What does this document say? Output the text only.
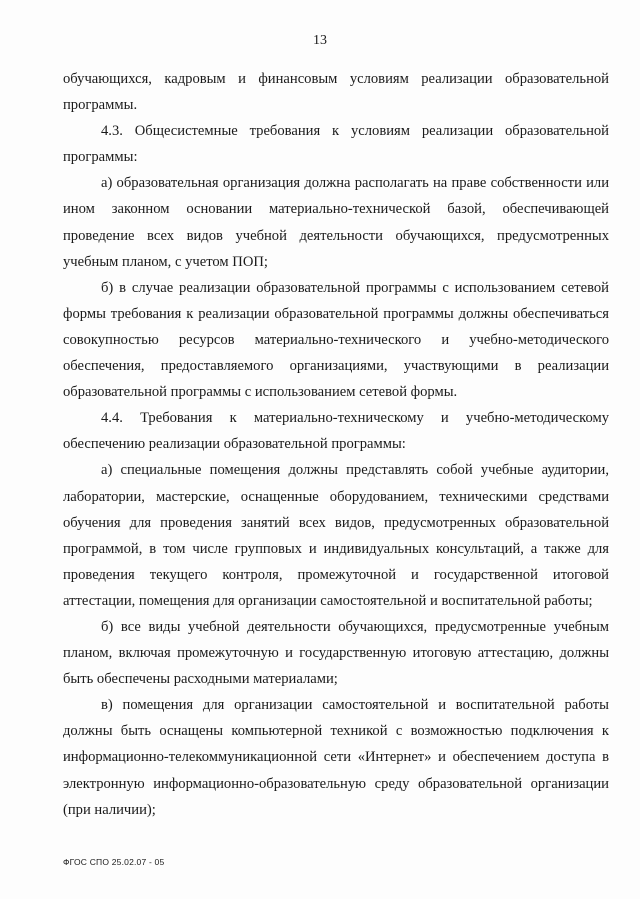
13

обучающихся, кадровым и финансовым условиям реализации образовательной программы.

4.3. Общесистемные требования к условиям реализации образовательной программы:

а) образовательная организация должна располагать на праве собственности или ином законном основании материально-технической базой, обеспечивающей проведение всех видов учебной деятельности обучающихся, предусмотренных учебным планом, с учетом ПОП;

б) в случае реализации образовательной программы с использованием сетевой формы требования к реализации образовательной программы должны обеспечиваться совокупностью ресурсов материально-технического и учебно-методического обеспечения, предоставляемого организациями, участвующими в реализации образовательной программы с использованием сетевой формы.

4.4. Требования к материально-техническому и учебно-методическому обеспечению реализации образовательной программы:

а) специальные помещения должны представлять собой учебные аудитории, лаборатории, мастерские, оснащенные оборудованием, техническими средствами обучения для проведения занятий всех видов, предусмотренных образовательной программой, в том числе групповых и индивидуальных консультаций, а также для проведения текущего контроля, промежуточной и государственной итоговой аттестации, помещения для организации самостоятельной и воспитательной работы;

б) все виды учебной деятельности обучающихся, предусмотренные учебным планом, включая промежуточную и государственную итоговую аттестацию, должны быть обеспечены расходными материалами;

в) помещения для организации самостоятельной и воспитательной работы должны быть оснащены компьютерной техникой с возможностью подключения к информационно-телекоммуникационной сети «Интернет» и обеспечением доступа в электронную информационно-образовательную среду образовательной организации (при наличии);

ФГОС СПО 25.02.07 - 05
